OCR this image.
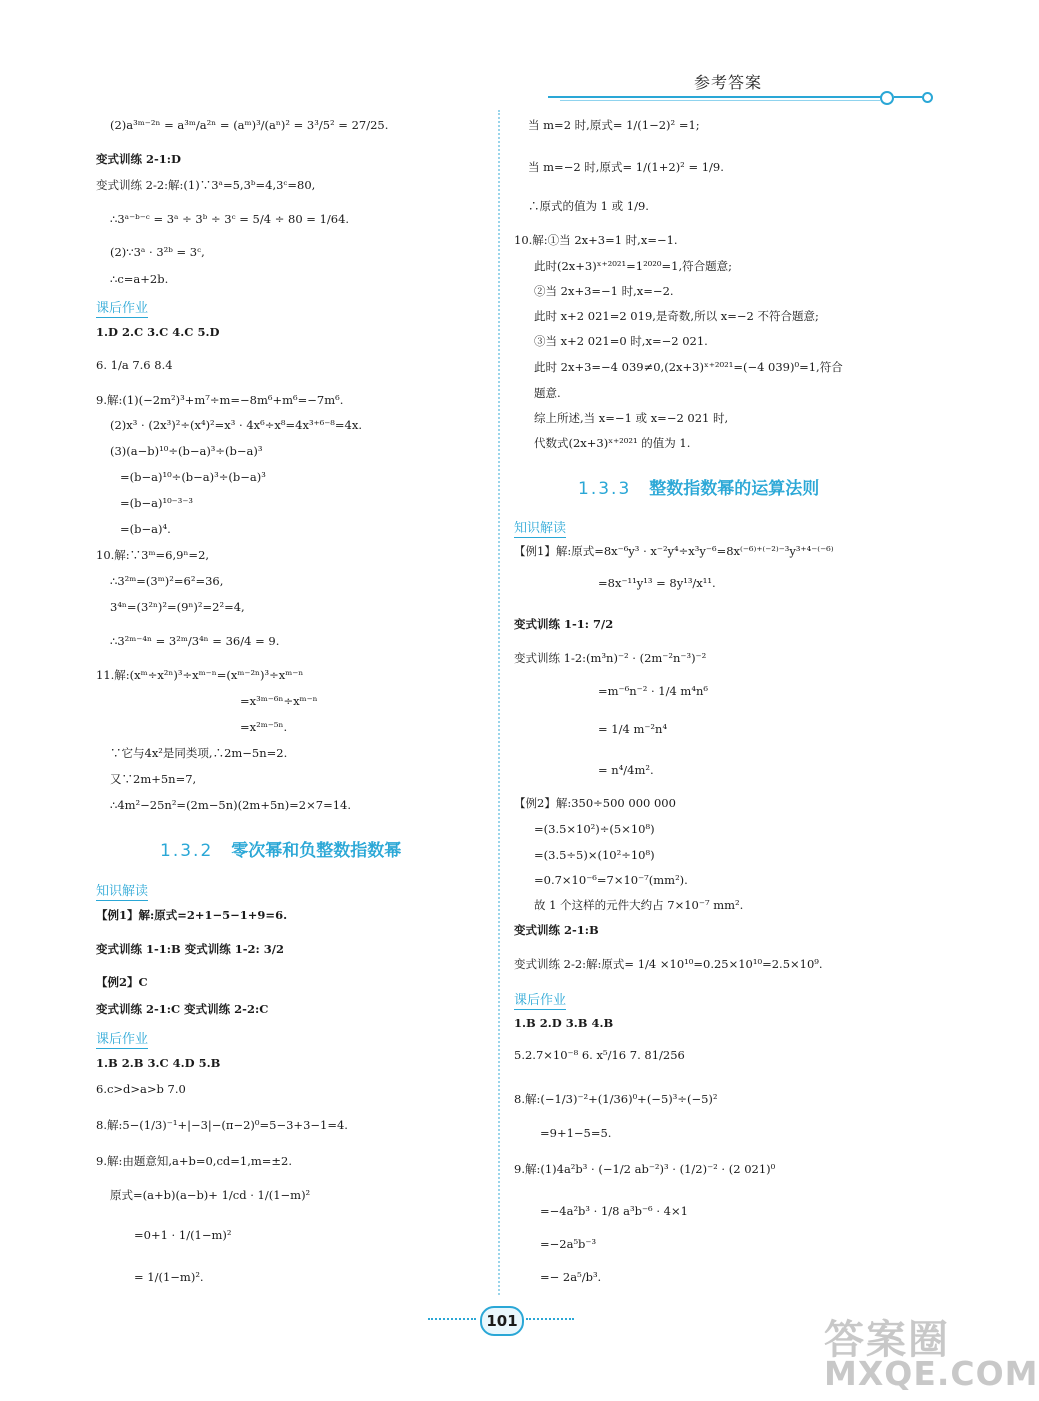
参考答案
(2)a³ᵐ⁻²ⁿ = a³ᵐ/a²ⁿ = (aᵐ)³/(aⁿ)² = 3³/5² = 27/25.
变式训练 2-1:D
变式训练 2-2:解:(1)∵3ᵃ=5,3ᵇ=4,3ᶜ=80,
∴3ᵃ⁻ᵇ⁻ᶜ = 3ᵃ ÷ 3ᵇ ÷ 3ᶜ = 5/4 ÷ 80 = 1/64.
(2)∵3ᵃ · 3²ᵇ = 3ᶜ,
∴c=a+2b.
课后作业
1.D 2.C 3.C 4.C 5.D
6. 1/a 7.6 8.4
9.解:(1)(−2m²)³+m⁷÷m=−8m⁶+m⁶=−7m⁶.
(2)x³ · (2x³)²÷(x⁴)²=x³ · 4x⁶÷x⁸=4x³⁺⁶⁻⁸=4x.
(3)(a−b)¹⁰÷(b−a)³÷(b−a)³
=(b−a)¹⁰÷(b−a)³÷(b−a)³
=(b−a)¹⁰⁻³⁻³
=(b−a)⁴.
10.解:∵3ᵐ=6,9ⁿ=2,
∴3²ᵐ=(3ᵐ)²=6²=36,
3⁴ⁿ=(3²ⁿ)²=(9ⁿ)²=2²=4,
∴3²ᵐ⁻⁴ⁿ = 3²ᵐ/3⁴ⁿ = 36/4 = 9.
11.解:(xᵐ÷x²ⁿ)³÷xᵐ⁻ⁿ=(xᵐ⁻²ⁿ)³÷xᵐ⁻ⁿ
=x³ᵐ⁻⁶ⁿ÷xᵐ⁻ⁿ
=x²ᵐ⁻⁵ⁿ.
∵它与4x²是同类项,∴2m−5n=2.
又∵2m+5n=7,
∴4m²−25n²=(2m−5n)(2m+5n)=2×7=14.
1.3.2 零次幂和负整数指数幂
知识解读
【例1】解:原式=2+1−5−1+9=6.
变式训练 1-1:B 变式训练 1-2: 3/2
【例2】C
变式训练 2-1:C 变式训练 2-2:C
课后作业
1.B 2.B 3.C 4.D 5.B
6.c>d>a>b 7.0
8.解:5−(1/3)⁻¹+|−3|−(π−2)⁰=5−3+3−1=4.
9.解:由题意知,a+b=0,cd=1,m=±2.
原式=(a+b)(a−b)+ 1/cd · 1/(1−m)²
=0+1 · 1/(1−m)²
= 1/(1−m)².
当 m=2 时,原式= 1/(1−2)² =1;
当 m=−2 时,原式= 1/(1+2)² = 1/9.
∴原式的值为 1 或 1/9.
10.解:①当 2x+3=1 时,x=−1.
此时(2x+3)ˣ⁺²⁰²¹=1²⁰²⁰=1,符合题意;
②当 2x+3=−1 时,x=−2.
此时 x+2 021=2 019,是奇数,所以 x=−2 不符合题意;
③当 x+2 021=0 时,x=−2 021.
此时 2x+3=−4 039≠0,(2x+3)ˣ⁺²⁰²¹=(−4 039)⁰=1,符合
题意.
综上所述,当 x=−1 或 x=−2 021 时,
代数式(2x+3)ˣ⁺²⁰²¹ 的值为 1.
1.3.3 整数指数幂的运算法则
知识解读
【例1】解:原式=8x⁻⁶y³ · x⁻²y⁴÷x³y⁻⁶=8x⁽⁻⁶⁾⁺⁽⁻²⁾⁻³y³⁺⁴⁻⁽⁻⁶⁾
=8x⁻¹¹y¹³ = 8y¹³/x¹¹.
变式训练 1-1: 7/2
变式训练 1-2:(m³n)⁻² · (2m⁻²n⁻³)⁻²
=m⁻⁶n⁻² · 1/4 m⁴n⁶
= 1/4 m⁻²n⁴
= n⁴/4m².
【例2】解:350÷500 000 000
=(3.5×10²)÷(5×10⁸)
=(3.5÷5)×(10²÷10⁸)
=0.7×10⁻⁶=7×10⁻⁷(mm²).
故 1 个这样的元件大约占 7×10⁻⁷ mm².
变式训练 2-1:B
变式训练 2-2:解:原式= 1/4 ×10¹⁰=0.25×10¹⁰=2.5×10⁹.
课后作业
1.B 2.D 3.B 4.B
5.2.7×10⁻⁸ 6. x⁵/16 7. 81/256
8.解:(−1/3)⁻²+(1/36)⁰+(−5)³÷(−5)²
=9+1−5=5.
9.解:(1)4a²b³ · (−1/2 ab⁻²)³ · (1/2)⁻² · (2 021)⁰
=−4a²b³ · 1/8 a³b⁻⁶ · 4×1
=−2a⁵b⁻³
=− 2a⁵/b³.
101	答案圈
MXQE.COM
